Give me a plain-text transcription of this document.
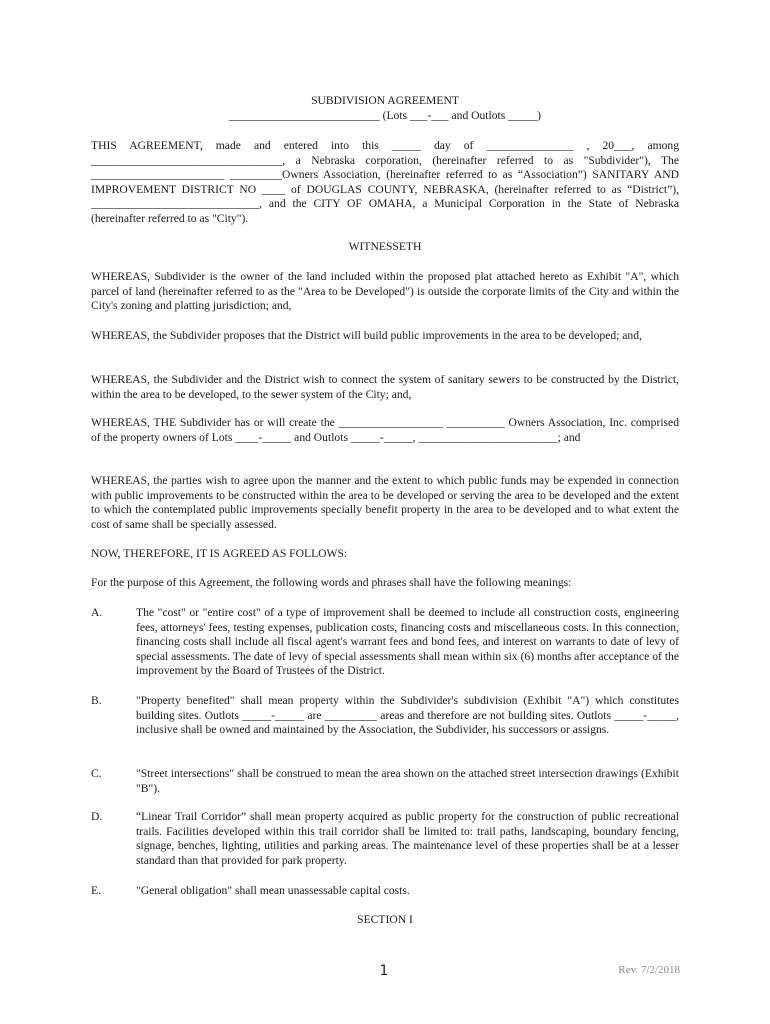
SUBDIVISION AGREEMENT
__________________________ (Lots ___-___ and Outlots _____)
THIS AGREEMENT, made and entered into this _____ day of _______________ , 20___, among _________________________________, a Nebraska corporation, (hereinafter referred to as "Subdivider"), The _______________________ _________Owners Association, (hereinafter referred to as “Association”) SANITARY AND IMPROVEMENT DISTRICT NO ____ of DOUGLAS COUNTY, NEBRASKA, (hereinafter referred to as “District”), _____________________________, and the CITY OF OMAHA, a Municipal Corporation in the State of Nebraska (hereinafter referred to as "City").
WITNESSETH
WHEREAS, Subdivider is the owner of the land included within the proposed plat attached hereto as Exhibit "A", which parcel of land (hereinafter referred to as the "Area to be Developed") is outside the corporate limits of the City and within the City's zoning and platting jurisdiction; and,
WHEREAS, the Subdivider proposes that the District will build public improvements in the area to be developed; and,
WHEREAS, the Subdivider and the District wish to connect the system of sanitary sewers to be constructed by the District, within the area to be developed, to the sewer system of the City; and,
WHEREAS, THE Subdivider has or will create the __________________ __________ Owners Association, Inc. comprised of the property owners of Lots ____-_____ and Outlots _____-_____, ________________________; and
WHEREAS, the parties wish to agree upon the manner and the extent to which public funds may be expended in connection with public improvements to be constructed within the area to be developed or serving the area to be developed and the extent to which the contemplated public improvements specially benefit property in the area to be developed and to what extent the cost of same shall be specially assessed.
NOW, THEREFORE, IT IS AGREED AS FOLLOWS:
For the purpose of this Agreement, the following words and phrases shall have the following meanings:
A.	The "cost" or "entire cost" of a type of improvement shall be deemed to include all construction costs, engineering fees, attorneys' fees, testing expenses, publication costs, financing costs and miscellaneous costs. In this connection, financing costs shall include all fiscal agent's warrant fees and bond fees, and interest on warrants to date of levy of special assessments. The date of levy of special assessments shall mean within six (6) months after acceptance of the improvement by the Board of Trustees of the District.
B.	"Property benefited" shall mean property within the Subdivider's subdivision (Exhibit "A") which constitutes building sites. Outlots _____-_____ are _________ areas and therefore are not building sites. Outlots _____-_____, inclusive shall be owned and maintained by the Association, the Subdivider, his successors or assigns.
C.	"Street intersections" shall be construed to mean the area shown on the attached street intersection drawings (Exhibit "B").
D.	“Linear Trail Corridor” shall mean property acquired as public property for the construction of public recreational trails. Facilities developed within this trail corridor shall be limited to: trail paths, landscaping, boundary fencing, signage, benches, lighting, utilities and parking areas. The maintenance level of these properties shall be at a lesser standard than that provided for park property.
E.	"General obligation" shall mean unassessable capital costs.
SECTION I
1	Rev. 7/2/2018
